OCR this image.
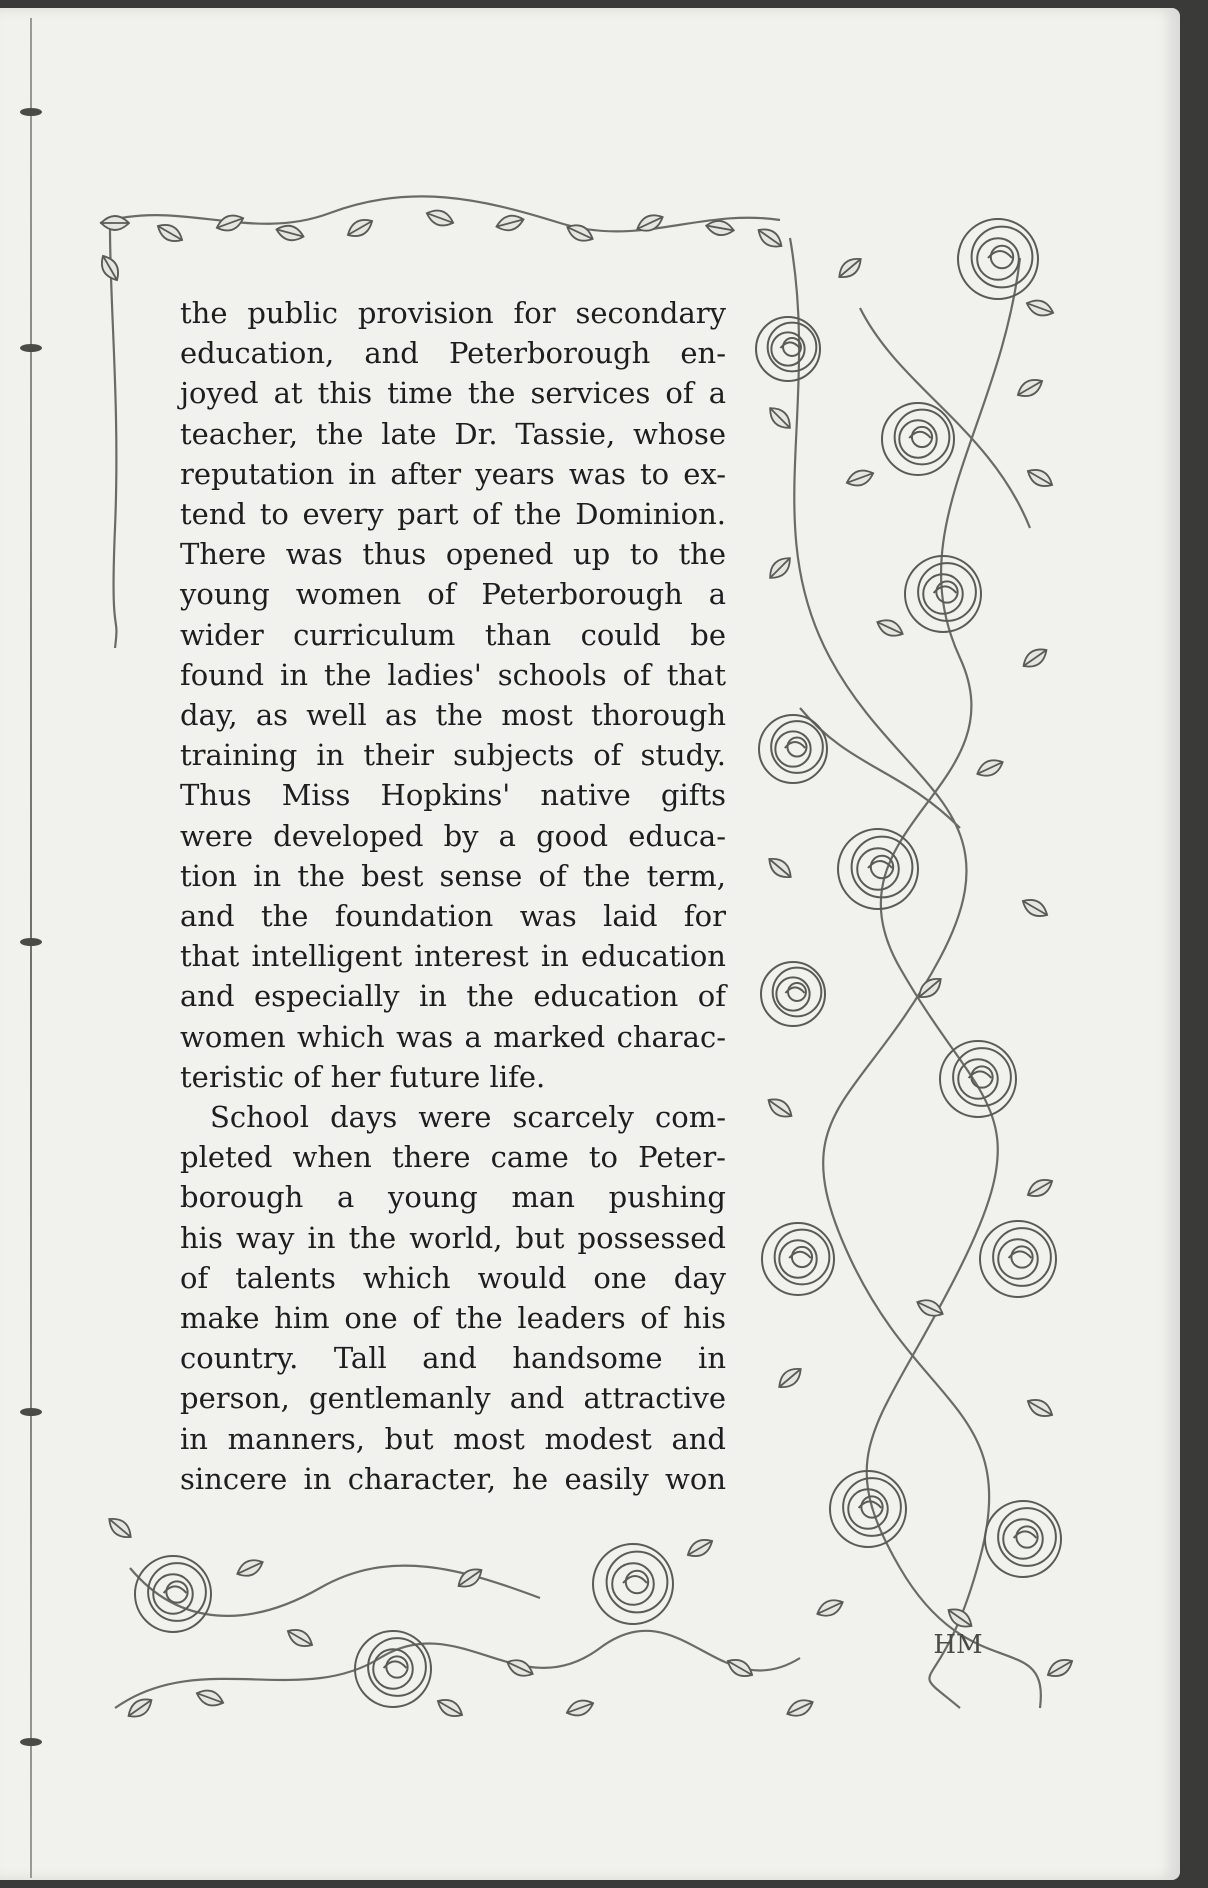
HM
the public provision for secondary
education, and Peterborough en-
joyed at this time the services of a
teacher, the late Dr. Tassie, whose
reputation in after years was to ex-
tend to every part of the Dominion.
There was thus opened up to the
young women of Peterborough a
wider curriculum than could be
found in the ladies' schools of that
day, as well as the most thorough
training in their subjects of study.
Thus Miss Hopkins' native gifts
were developed by a good educa-
tion in the best sense of the term,
and the foundation was laid for
that intelligent interest in education
and especially in the education of
women which was a marked charac-
teristic of her future life.
School days were scarcely com-
pleted when there came to Peter-
borough a young man pushing
his way in the world, but possessed
of talents which would one day
make him one of the leaders of his
country. Tall and handsome in
person, gentlemanly and attractive
in manners, but most modest and
sincere in character, he easily won
